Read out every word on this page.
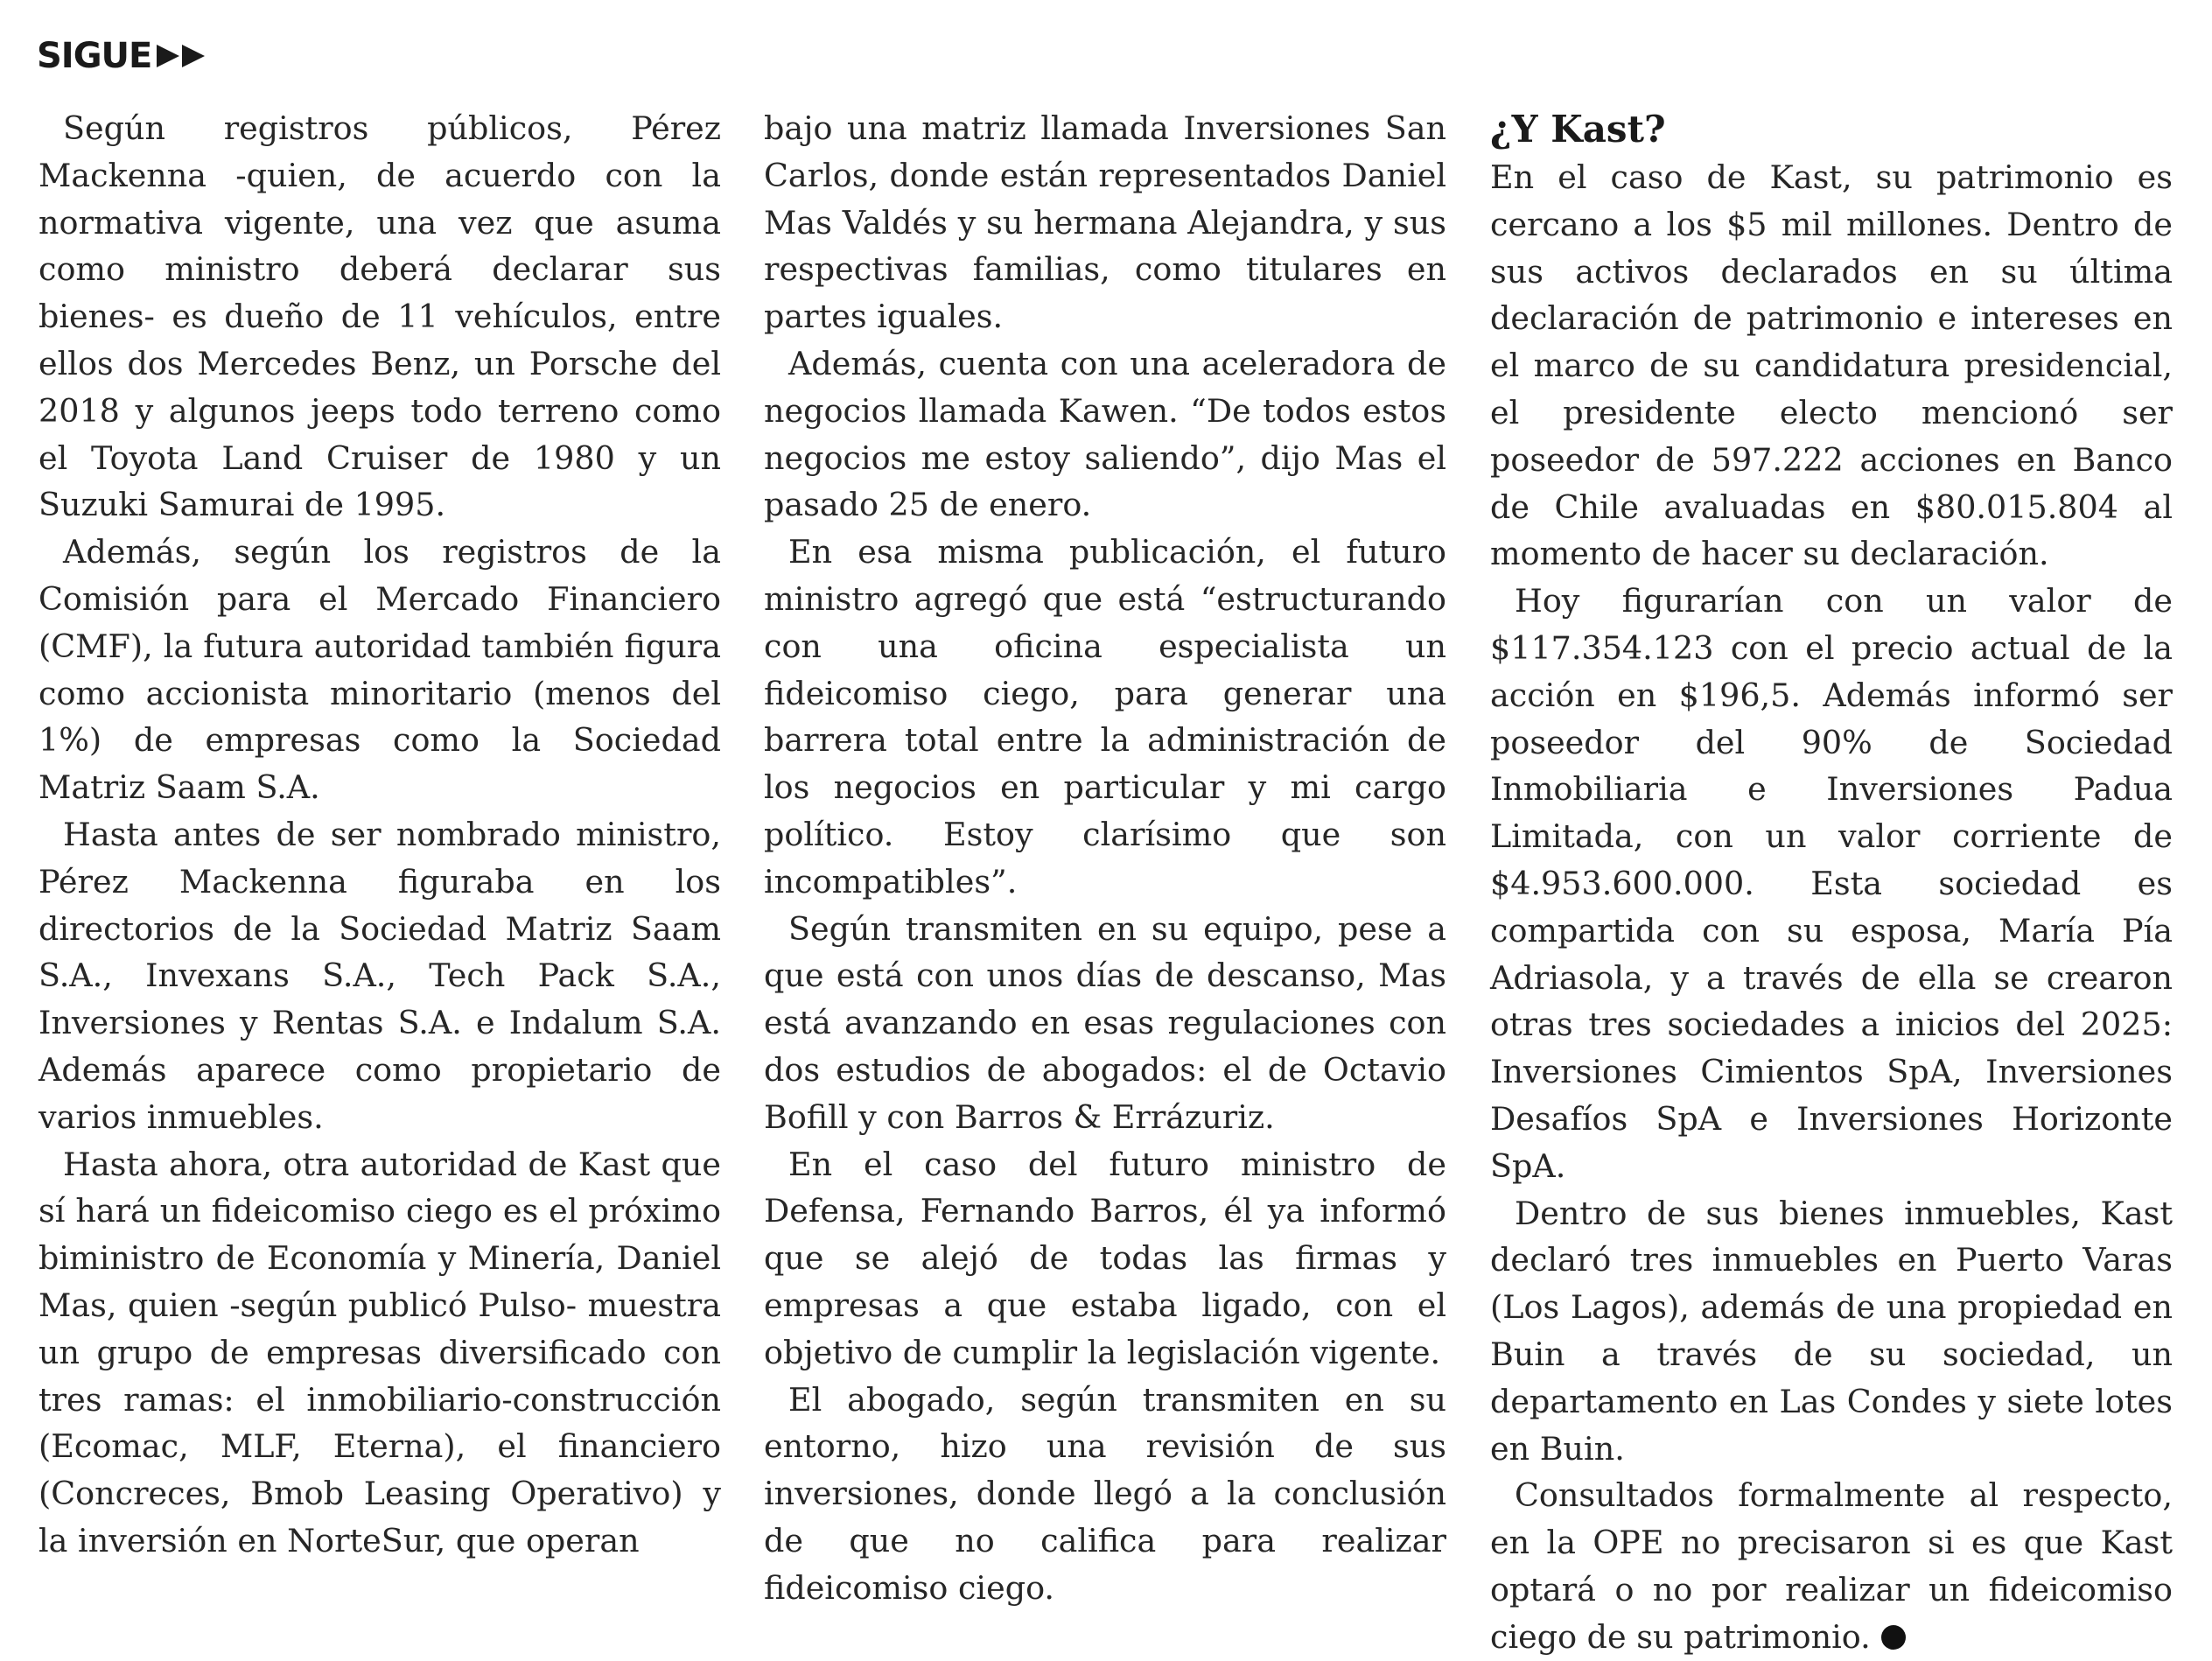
SIGUE

Según registros públicos, Pérez Mackenna -quien, de acuerdo con la normativa vigente, una vez que asuma como ministro deberá declarar sus bienes- es dueño de 11 vehículos, entre ellos dos Mercedes Benz, un Porsche del 2018 y algunos jeeps todo terreno como el Toyota Land Cruiser de 1980 y un Suzuki Samurai de 1995.

Además, según los registros de la Comisión para el Mercado Financiero (CMF), la futura autoridad también figura como accionista minoritario (menos del 1%) de empresas como la Sociedad Matriz Saam S.A.

Hasta antes de ser nombrado ministro, Pérez Mackenna figuraba en los directorios de la Sociedad Matriz Saam S.A., Invexans S.A., Tech Pack S.A., Inversiones y Rentas S.A. e Indalum S.A. Además aparece como propietario de varios inmuebles.

Hasta ahora, otra autoridad de Kast que sí hará un fideicomiso ciego es el próximo biministro de Economía y Minería, Daniel Mas, quien -según publicó Pulso- muestra un grupo de empresas diversificado con tres ramas: el inmobiliario-construcción (Ecomac, MLF, Eterna), el financiero (Concreces, Bmob Leasing Operativo) y la inversión en NorteSur, que operan

bajo una matriz llamada Inversiones San Carlos, donde están representados Daniel Mas Valdés y su hermana Alejandra, y sus respectivas familias, como titulares en partes iguales.

Además, cuenta con una aceleradora de negocios llamada Kawen. “De todos estos negocios me estoy saliendo”, dijo Mas el pasado 25 de enero.

En esa misma publicación, el futuro ministro agregó que está “estructurando con una oficina especialista un fideicomiso ciego, para generar una barrera total entre la administración de los negocios en particular y mi cargo político. Estoy clarísimo que son incompatibles”.

Según transmiten en su equipo, pese a que está con unos días de descanso, Mas está avanzando en esas regulaciones con dos estudios de abogados: el de Octavio Bofill y con Barros & Errázuriz.

En el caso del futuro ministro de Defensa, Fernando Barros, él ya informó que se alejó de todas las firmas y empresas a que estaba ligado, con el objetivo de cumplir la legislación vigente.

El abogado, según transmiten en su entorno, hizo una revisión de sus inversiones, donde llegó a la conclusión de que no califica para realizar fideicomiso ciego.

¿Y Kast?

En el caso de Kast, su patrimonio es cercano a los $5 mil millones. Dentro de sus activos declarados en su última declaración de patrimonio e intereses en el marco de su candidatura presidencial, el presidente electo mencionó ser poseedor de 597.222 acciones en Banco de Chile avaluadas en $80.015.804 al momento de hacer su declaración.

Hoy figurarían con un valor de $117.354.123 con el precio actual de la acción en $196,5. Además informó ser poseedor del 90% de Sociedad Inmobiliaria e Inversiones Padua Limitada, con un valor corriente de $4.953.600.000. Esta sociedad es compartida con su esposa, María Pía Adriasola, y a través de ella se crearon otras tres sociedades a inicios del 2025: Inversiones Cimientos SpA, Inversiones Desafíos SpA e Inversiones Horizonte SpA.

Dentro de sus bienes inmuebles, Kast declaró tres inmuebles en Puerto Varas (Los Lagos), además de una propiedad en Buin a través de su sociedad, un departamento en Las Condes y siete lotes en Buin.

Consultados formalmente al respecto, en la OPE no precisaron si es que Kast optará o no por realizar un fideicomiso ciego de su patrimonio.
